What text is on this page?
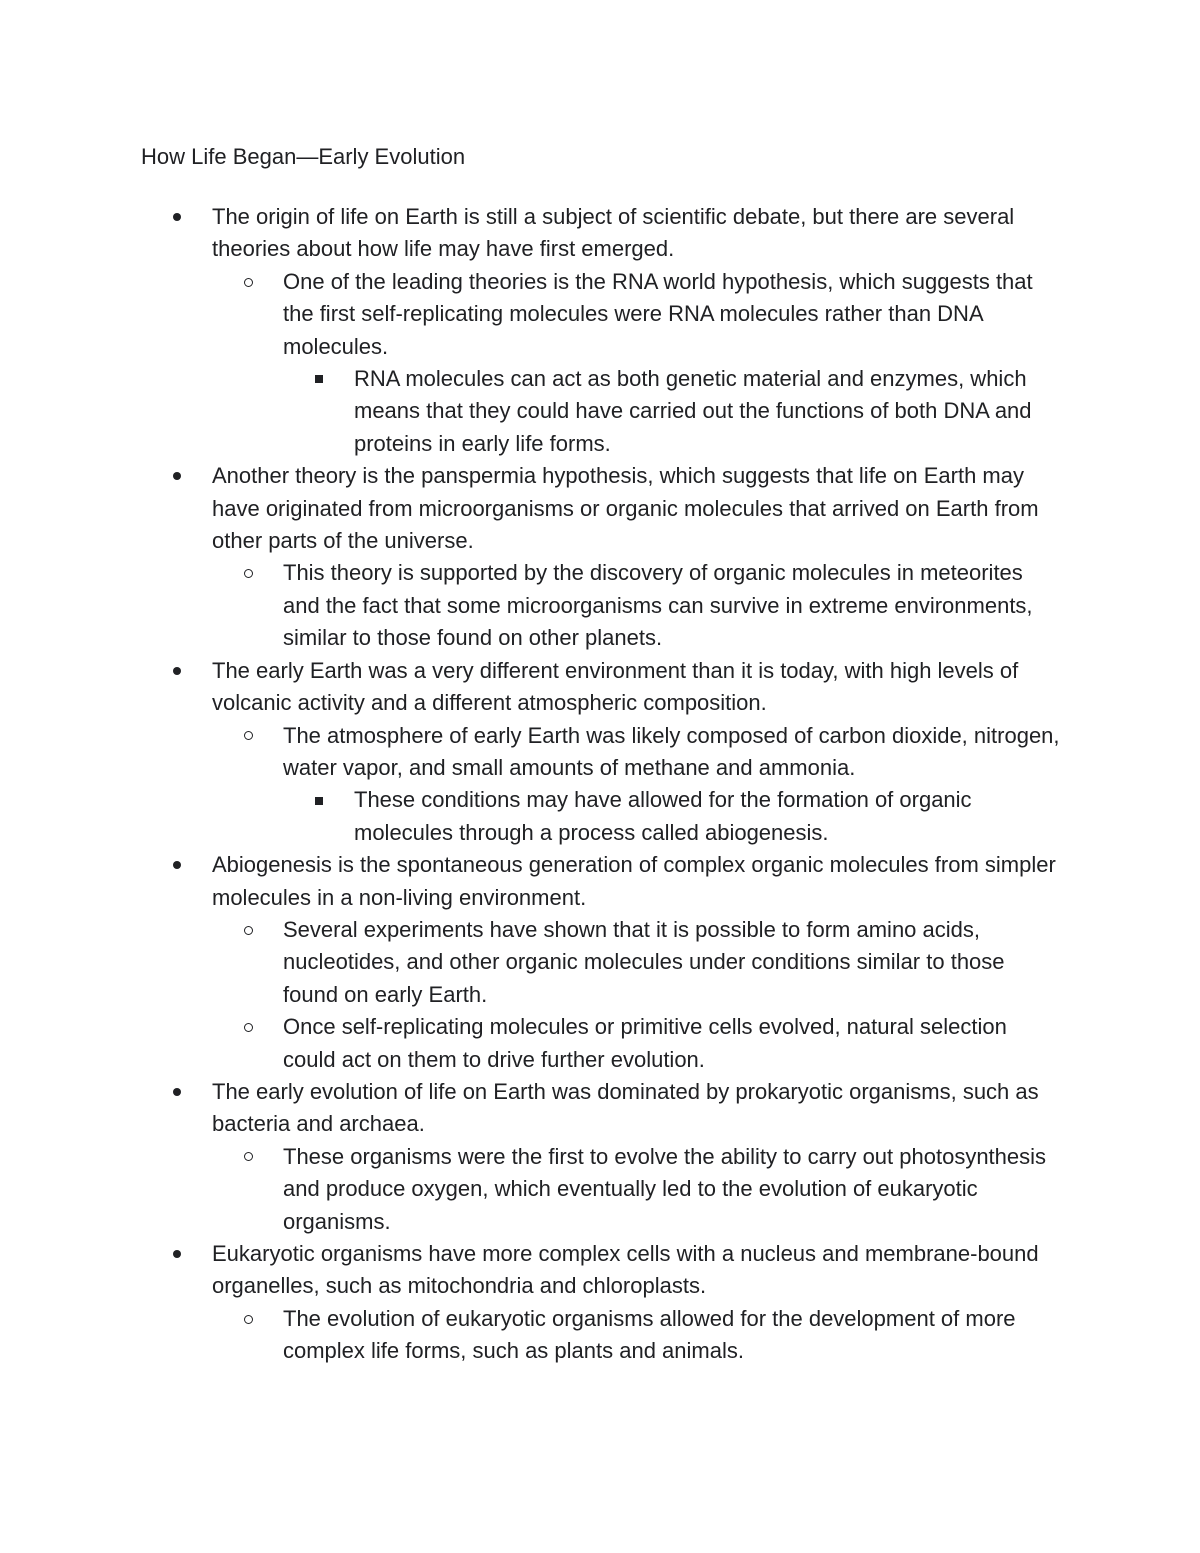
How Life Began—Early Evolution
The origin of life on Earth is still a subject of scientific debate, but there are several theories about how life may have first emerged.
One of the leading theories is the RNA world hypothesis, which suggests that the first self-replicating molecules were RNA molecules rather than DNA molecules.
RNA molecules can act as both genetic material and enzymes, which means that they could have carried out the functions of both DNA and proteins in early life forms.
Another theory is the panspermia hypothesis, which suggests that life on Earth may have originated from microorganisms or organic molecules that arrived on Earth from other parts of the universe.
This theory is supported by the discovery of organic molecules in meteorites and the fact that some microorganisms can survive in extreme environments, similar to those found on other planets.
The early Earth was a very different environment than it is today, with high levels of volcanic activity and a different atmospheric composition.
The atmosphere of early Earth was likely composed of carbon dioxide, nitrogen, water vapor, and small amounts of methane and ammonia.
These conditions may have allowed for the formation of organic molecules through a process called abiogenesis.
Abiogenesis is the spontaneous generation of complex organic molecules from simpler molecules in a non-living environment.
Several experiments have shown that it is possible to form amino acids, nucleotides, and other organic molecules under conditions similar to those found on early Earth.
Once self-replicating molecules or primitive cells evolved, natural selection could act on them to drive further evolution.
The early evolution of life on Earth was dominated by prokaryotic organisms, such as bacteria and archaea.
These organisms were the first to evolve the ability to carry out photosynthesis and produce oxygen, which eventually led to the evolution of eukaryotic organisms.
Eukaryotic organisms have more complex cells with a nucleus and membrane-bound organelles, such as mitochondria and chloroplasts.
The evolution of eukaryotic organisms allowed for the development of more complex life forms, such as plants and animals.
